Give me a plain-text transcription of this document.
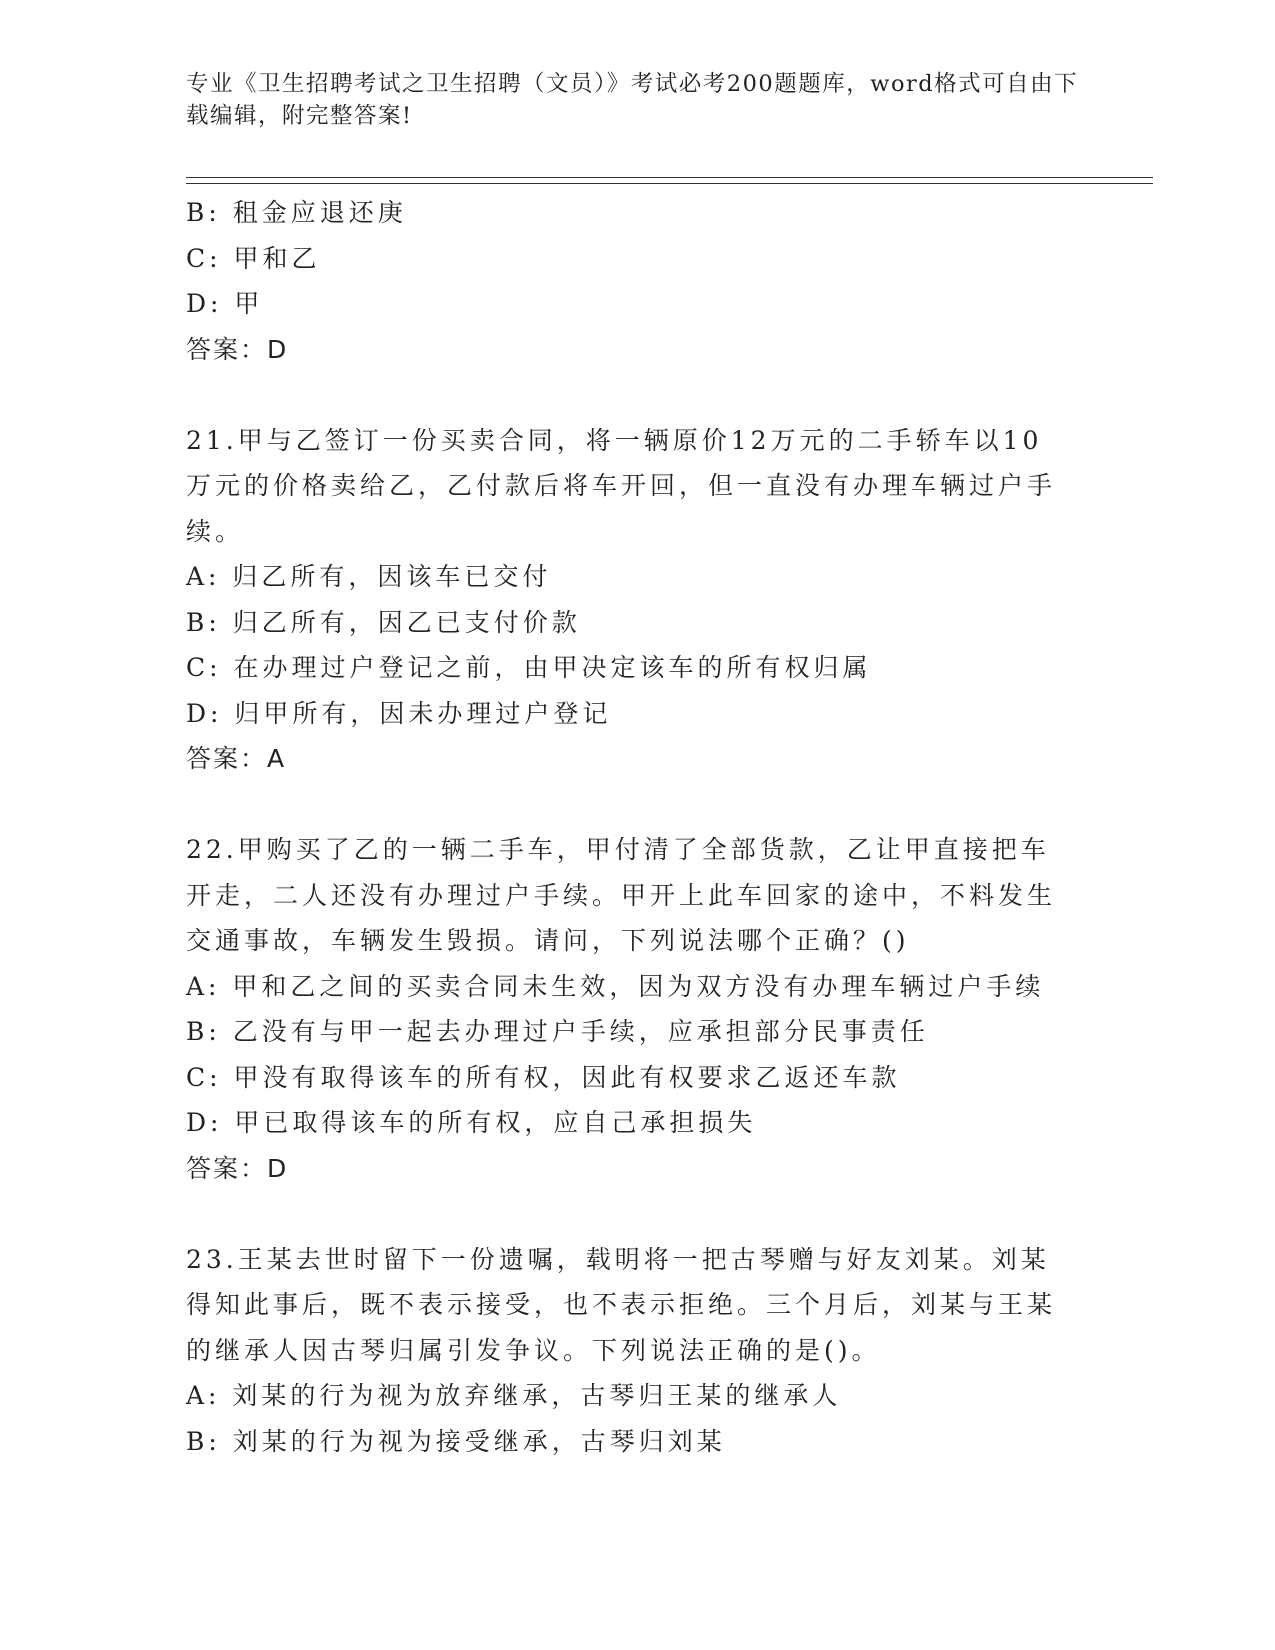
专业《卫生招聘考试之卫生招聘（文员）》考试必考200题题库，word格式可自由下载编辑，附完整答案!
B: 租金应退还庚
C: 甲和乙
D: 甲
答案：D
21.甲与乙签订一份买卖合同，将一辆原价12万元的二手轿车以10万元的价格卖给乙，乙付款后将车开回，但一直没有办理车辆过户手续。
A: 归乙所有，因该车已交付
B: 归乙所有，因乙已支付价款
C: 在办理过户登记之前，由甲决定该车的所有权归属
D: 归甲所有，因未办理过户登记
答案：A
22.甲购买了乙的一辆二手车，甲付清了全部货款，乙让甲直接把车开走，二人还没有办理过户手续。甲开上此车回家的途中，不料发生交通事故，车辆发生毁损。请问，下列说法哪个正确？()
A: 甲和乙之间的买卖合同未生效，因为双方没有办理车辆过户手续
B: 乙没有与甲一起去办理过户手续，应承担部分民事责任
C: 甲没有取得该车的所有权，因此有权要求乙返还车款
D: 甲已取得该车的所有权，应自己承担损失
答案：D
23.王某去世时留下一份遗嘱，载明将一把古琴赠与好友刘某。刘某得知此事后，既不表示接受，也不表示拒绝。三个月后，刘某与王某的继承人因古琴归属引发争议。下列说法正确的是()。
A: 刘某的行为视为放弃继承，古琴归王某的继承人
B: 刘某的行为视为接受继承，古琴归刘某
